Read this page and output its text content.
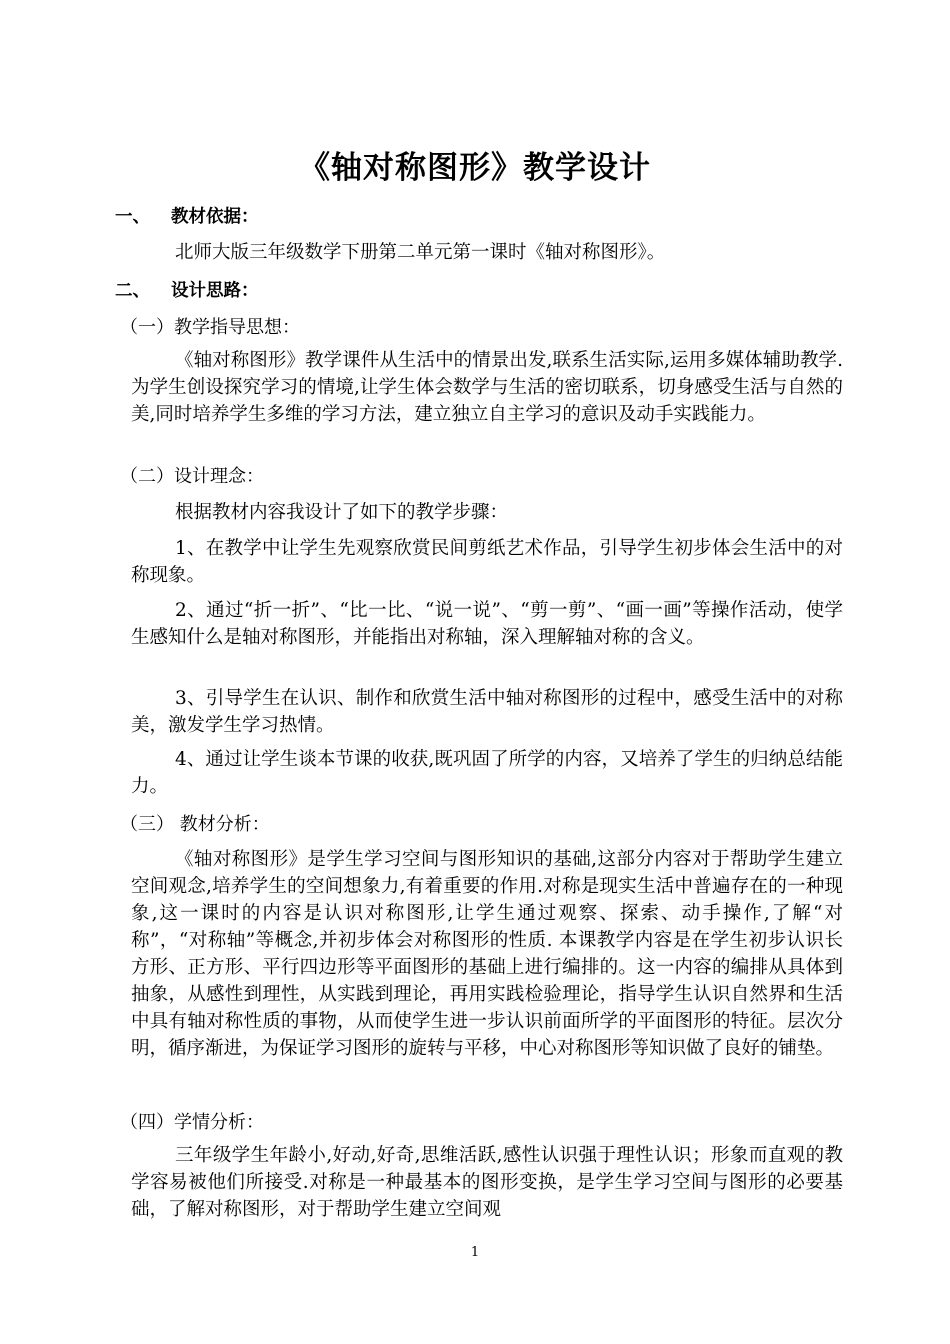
《轴对称图形》教学设计
一、 教材依据：
北师大版三年级数学下册第二单元第一课时《轴对称图形》。
二、 设计思路：
（一）教学指导思想：
《轴对称图形》教学课件从生活中的情景出发,联系生活实际,运用多媒体辅助教学.为学生创设探究学习的情境,让学生体会数学与生活的密切联系，切身感受生活与自然的美,同时培养学生多维的学习方法，建立独立自主学习的意识及动手实践能力。
（二）设计理念：
根据教材内容我设计了如下的教学步骤：
1、在教学中让学生先观察欣赏民间剪纸艺术作品，引导学生初步体会生活中的对称现象。
2、通过“折一折”、“比一比、“说一说”、“剪一剪”、“画一画”等操作活动，使学生感知什么是轴对称图形，并能指出对称轴，深入理解轴对称的含义。
3、引导学生在认识、制作和欣赏生活中轴对称图形的过程中，感受生活中的对称美，激发学生学习热情。
4、通过让学生谈本节课的收获,既巩固了所学的内容，又培养了学生的归纳总结能力。
（三） 教材分析：
《轴对称图形》是学生学习空间与图形知识的基础,这部分内容对于帮助学生建立空间观念,培养学生的空间想象力,有着重要的作用.对称是现实生活中普遍存在的一种现象,这一课时的内容是认识对称图形,让学生通过观察、探索、动手操作,了解“对称”，“对称轴”等概念,并初步体会对称图形的性质. 本课教学内容是在学生初步认识长方形、正方形、平行四边形等平面图形的基础上进行编排的。这一内容的编排从具体到抽象，从感性到理性，从实践到理论，再用实践检验理论，指导学生认识自然界和生活中具有轴对称性质的事物，从而使学生进一步认识前面所学的平面图形的特征。层次分明，循序渐进，为保证学习图形的旋转与平移，中心对称图形等知识做了良好的铺垫。
（四）学情分析：
三年级学生年龄小,好动,好奇,思维活跃,感性认识强于理性认识；形象而直观的教学容易被他们所接受.对称是一种最基本的图形变换，是学生学习空间与图形的必要基础，了解对称图形，对于帮助学生建立空间观
1
